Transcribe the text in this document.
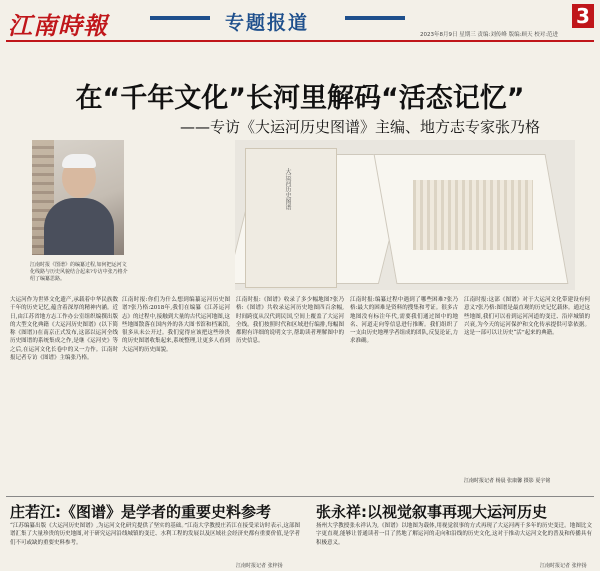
江南時報	专题报道
2023年8月9日 星期三 责编:刘传峰 版编:顾天 校对:范进
3
在“千年文化”长河里解码“活态记忆”
——专访《大运河历史图谱》主编、地方志专家张乃格
江南时报《图谱》的编纂过程,如何把运河文化线路与历史风貌结合起来?专访中张乃格介绍了编纂思路。
大运河历史图谱
大运河作为世界文化遗产,承载着中华民族数千年的历史记忆,蕴含着深厚的精神内涵。近日,由江苏省地方志工作办公室组织编撰出版的大型文化典籍《大运河历史图谱》(以下简称《图谱》)在南京正式发布,这部以运河全线历史图谱的系统集成之作,是继《运河史》等之后,在运河文化长卷中的又一力作。江南时报记者专访《图谱》主编张乃格。
江南时报:你们为什么想到编纂运河历史图谱?张乃格:2018年,我们在编纂《江苏运河志》的过程中,接触到大量的古代运河地图,这些地图散落在国内外的各大图书馆和档案馆,很多从未公开过。我们觉得应该把这些珍贵的历史图谱收集起来,系统整理,让更多人看到大运河的历史面貌。
江南时报:《图谱》收录了多少幅地图?张乃格:《图谱》共收录运河历史地图四百余幅,时间跨度从汉代到民国,空间上覆盖了大运河全线。我们按照时代和区域进行编排,每幅图都附有详细的说明文字,帮助读者理解图中的历史信息。
江南时报:编纂过程中遇到了哪些困难?张乃格:最大的困难是资料的搜集和考证。很多古地图没有标注年代,需要我们通过图中的地名、河道走向等信息进行推断。我们组织了一支由历史地理学者组成的团队,反复论证,力求准确。
江南时报:这部《图谱》对于大运河文化带建设有何意义?张乃格:图谱是最直观的历史记忆载体。通过这些地图,我们可以看到运河河道的变迁、沿岸城镇的兴衰,为今天的运河保护和文化传承提供可靠依据。这是一部可以让历史“活”起来的典籍。
江南时报记者 杨晨 张康馨 摄影 夏宇铭
庄若江:《图谱》是学者的重要史料参考
“江苏编纂出版《大运河历史图谱》,为运河文化研究提供了坚实的基础。”江南大学教授庄若江在接受采访时表示,这部图谱汇集了大量珍贵的历史地图,对于研究运河沿线城镇的变迁、水利工程的发展以及区域社会经济史都有重要价值,是学者们不可或缺的重要史料参考。
江南时报记者 张梓扬
张永祥:以视觉叙事再现大运河历史
扬州大学教授张永祥认为,《图谱》以地图为载体,用视觉叙事的方式再现了大运河两千多年的历史变迁。地图比文字更直观,能够让普通读者一目了然地了解运河的走向和沿线的历史文化,这对于推动大运河文化的普及和传播具有积极意义。
江南时报记者 张梓扬
